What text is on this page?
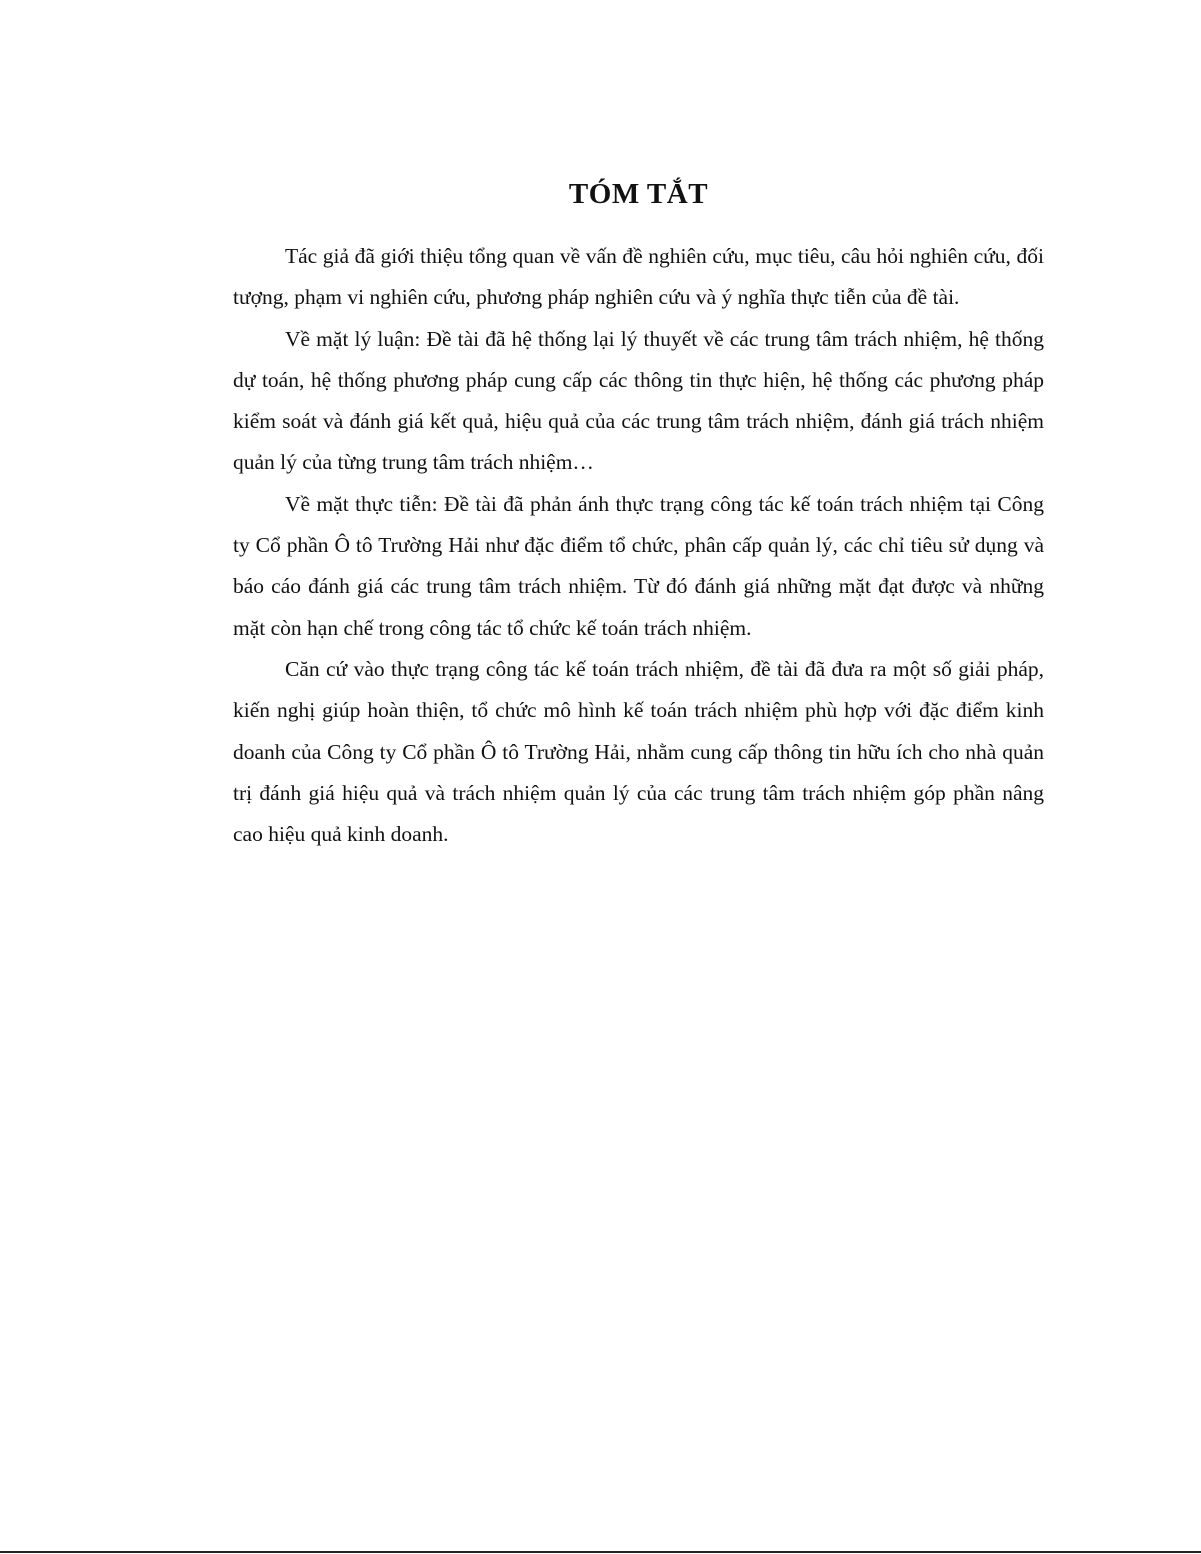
TÓM TẮT

Tác giả đã giới thiệu tổng quan về vấn đề nghiên cứu, mục tiêu, câu hỏi nghiên cứu, đối tượng, phạm vi nghiên cứu, phương pháp nghiên cứu và ý nghĩa thực tiễn của đề tài.

Về mặt lý luận: Đề tài đã hệ thống lại lý thuyết về các trung tâm trách nhiệm, hệ thống dự toán, hệ thống phương pháp cung cấp các thông tin thực hiện, hệ thống các phương pháp kiểm soát và đánh giá kết quả, hiệu quả của các trung tâm trách nhiệm, đánh giá trách nhiệm quản lý của từng trung tâm trách nhiệm…

Về mặt thực tiễn: Đề tài đã phản ánh thực trạng công tác kế toán trách nhiệm tại Công ty Cổ phần Ô tô Trường Hải như đặc điểm tổ chức, phân cấp quản lý, các chỉ tiêu sử dụng và báo cáo đánh giá các trung tâm trách nhiệm. Từ đó đánh giá những mặt đạt được và những mặt còn hạn chế trong công tác tổ chức kế toán trách nhiệm.

Căn cứ vào thực trạng công tác kế toán trách nhiệm, đề tài đã đưa ra một số giải pháp, kiến nghị giúp hoàn thiện, tổ chức mô hình kế toán trách nhiệm phù hợp với đặc điểm kinh doanh của Công ty Cổ phần Ô tô Trường Hải, nhằm cung cấp thông tin hữu ích cho nhà quản trị đánh giá hiệu quả và trách nhiệm quản lý của các trung tâm trách nhiệm góp phần nâng cao hiệu quả kinh doanh.
